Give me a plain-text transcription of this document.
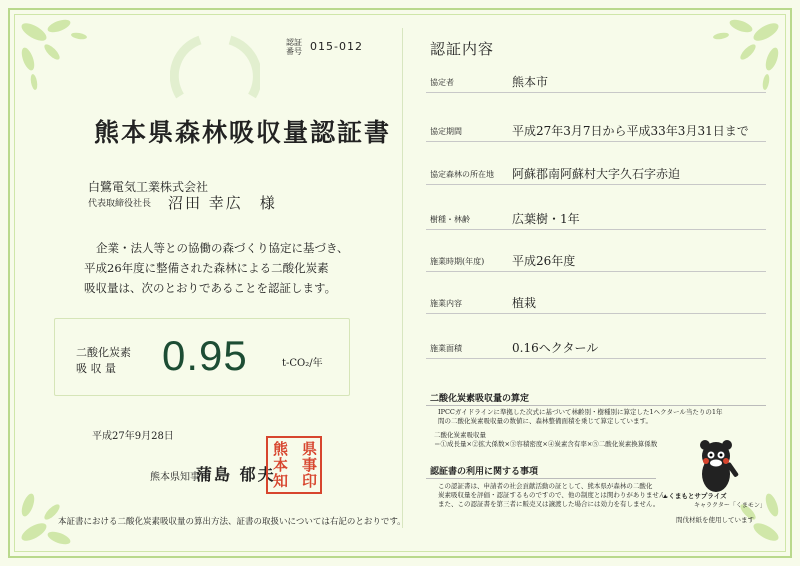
認証
番号 015-012
熊本県森林吸収量認証書
白鷺電気工業株式会社
代表取締役社長 沼田 幸広　様
企業・法人等との協働の森づくり協定に基づき、
平成26年度に整備された森林による二酸化炭素
吸収量は、次のとおりであることを認証します。
二酸化炭素
吸 収 量	0.95	t-CO₂/年
平成27年9月28日
熊本県知事
蒲島 郁夫
県
事
印
熊
本
知
本証書における二酸化炭素吸収量の算出方法、証書の取扱いについては右記のとおりです。
認証内容
協定者	熊本市
協定期間	平成27年3月7日から平成33年3月31日まで
協定森林の所在地 阿蘇郡南阿蘇村大字久石字赤迫
樹種・林齢	広葉樹・1年
施業時期(年度) 平成26年度
施業内容	植栽
施業面積	0.16ヘクタール
二酸化炭素吸収量の算定
IPCCガイドラインに準拠した次式に基づいて林齢別・樹種別に算定した1ヘクタール当たりの1年
間の二酸化炭素吸収量の数値に、森林整備面積を乗じて算定しています。
二酸化炭素吸収量
＝①成長量×②拡大係数×③容積密度×④炭素含有率×⑤二酸化炭素換算係数
認証書の利用に関する事項
この認証書は、申請者の社会貢献活動の証として、熊本県が森林の二酸化
炭素吸収量を評価・認証するものですので、他の制度とは関わりがありません。
また、この認証書を第三者に販売又は譲渡した場合には効力を有しません。
▲くまもとサプライズ
キャラクター「くまモン」
間伐材紙を使用しています
